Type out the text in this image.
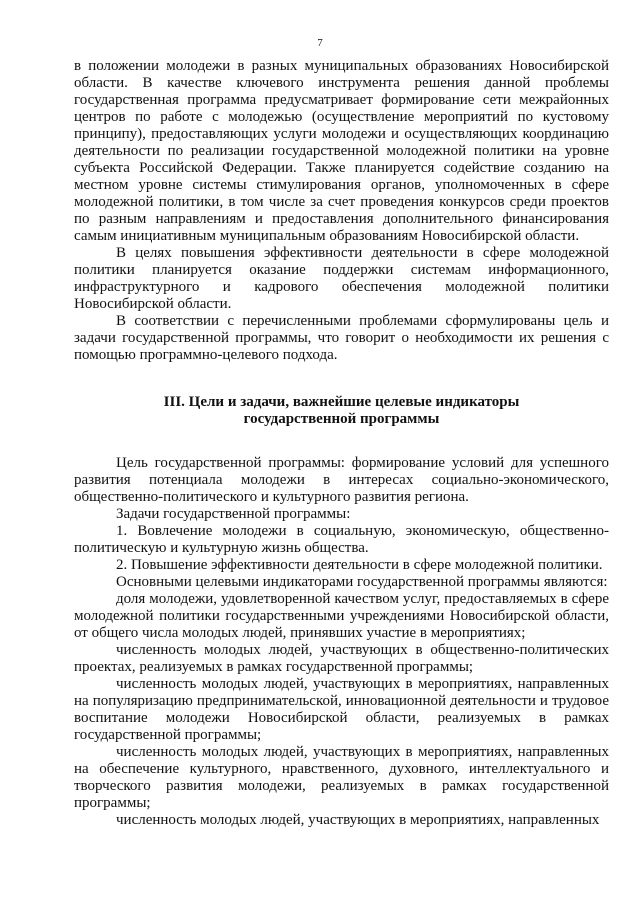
7

в положении молодежи в разных муниципальных образованиях Новосибирской области. В качестве ключевого инструмента решения данной проблемы государственная программа предусматривает формирование сети межрайонных центров по работе с молодежью (осуществление мероприятий по кустовому принципу), предоставляющих услуги молодежи и осуществляющих координацию деятельности по реализации государственной молодежной политики на уровне субъекта Российской Федерации. Также планируется содействие созданию на местном уровне системы стимулирования органов, уполномоченных в сфере молодежной политики, в том числе за счет проведения конкурсов среди проектов по разным направлениям и предоставления дополнительного финансирования самым инициативным муниципальным образованиям Новосибирской области.

В целях повышения эффективности деятельности в сфере молодежной политики планируется оказание поддержки системам информационного, инфраструктурного и кадрового обеспечения молодежной политики Новосибирской области.

В соответствии с перечисленными проблемами сформулированы цель и задачи государственной программы, что говорит о необходимости их решения с помощью программно-целевого подхода.

III. Цели и задачи, важнейшие целевые индикаторы
государственной программы

Цель государственной программы: формирование условий для успешного развития потенциала молодежи в интересах социально-экономического, общественно-политического и культурного развития региона.

Задачи государственной программы:

1. Вовлечение молодежи в социальную, экономическую, общественно-политическую и культурную жизнь общества.

2. Повышение эффективности деятельности в сфере молодежной политики.

Основными целевыми индикаторами государственной программы являются:

доля молодежи, удовлетворенной качеством услуг, предоставляемых в сфере молодежной политики государственными учреждениями Новосибирской области, от общего числа молодых людей, принявших участие в мероприятиях;

численность молодых людей, участвующих в общественно-политических проектах, реализуемых в рамках государственной программы;

численность молодых людей, участвующих в мероприятиях, направленных на популяризацию предпринимательской, инновационной деятельности и трудовое воспитание молодежи Новосибирской области, реализуемых в рамках государственной программы;

численность молодых людей, участвующих в мероприятиях, направленных на обеспечение культурного, нравственного, духовного, интеллектуального и творческого развития молодежи, реализуемых в рамках государственной программы;

численность молодых людей, участвующих в мероприятиях, направленных
